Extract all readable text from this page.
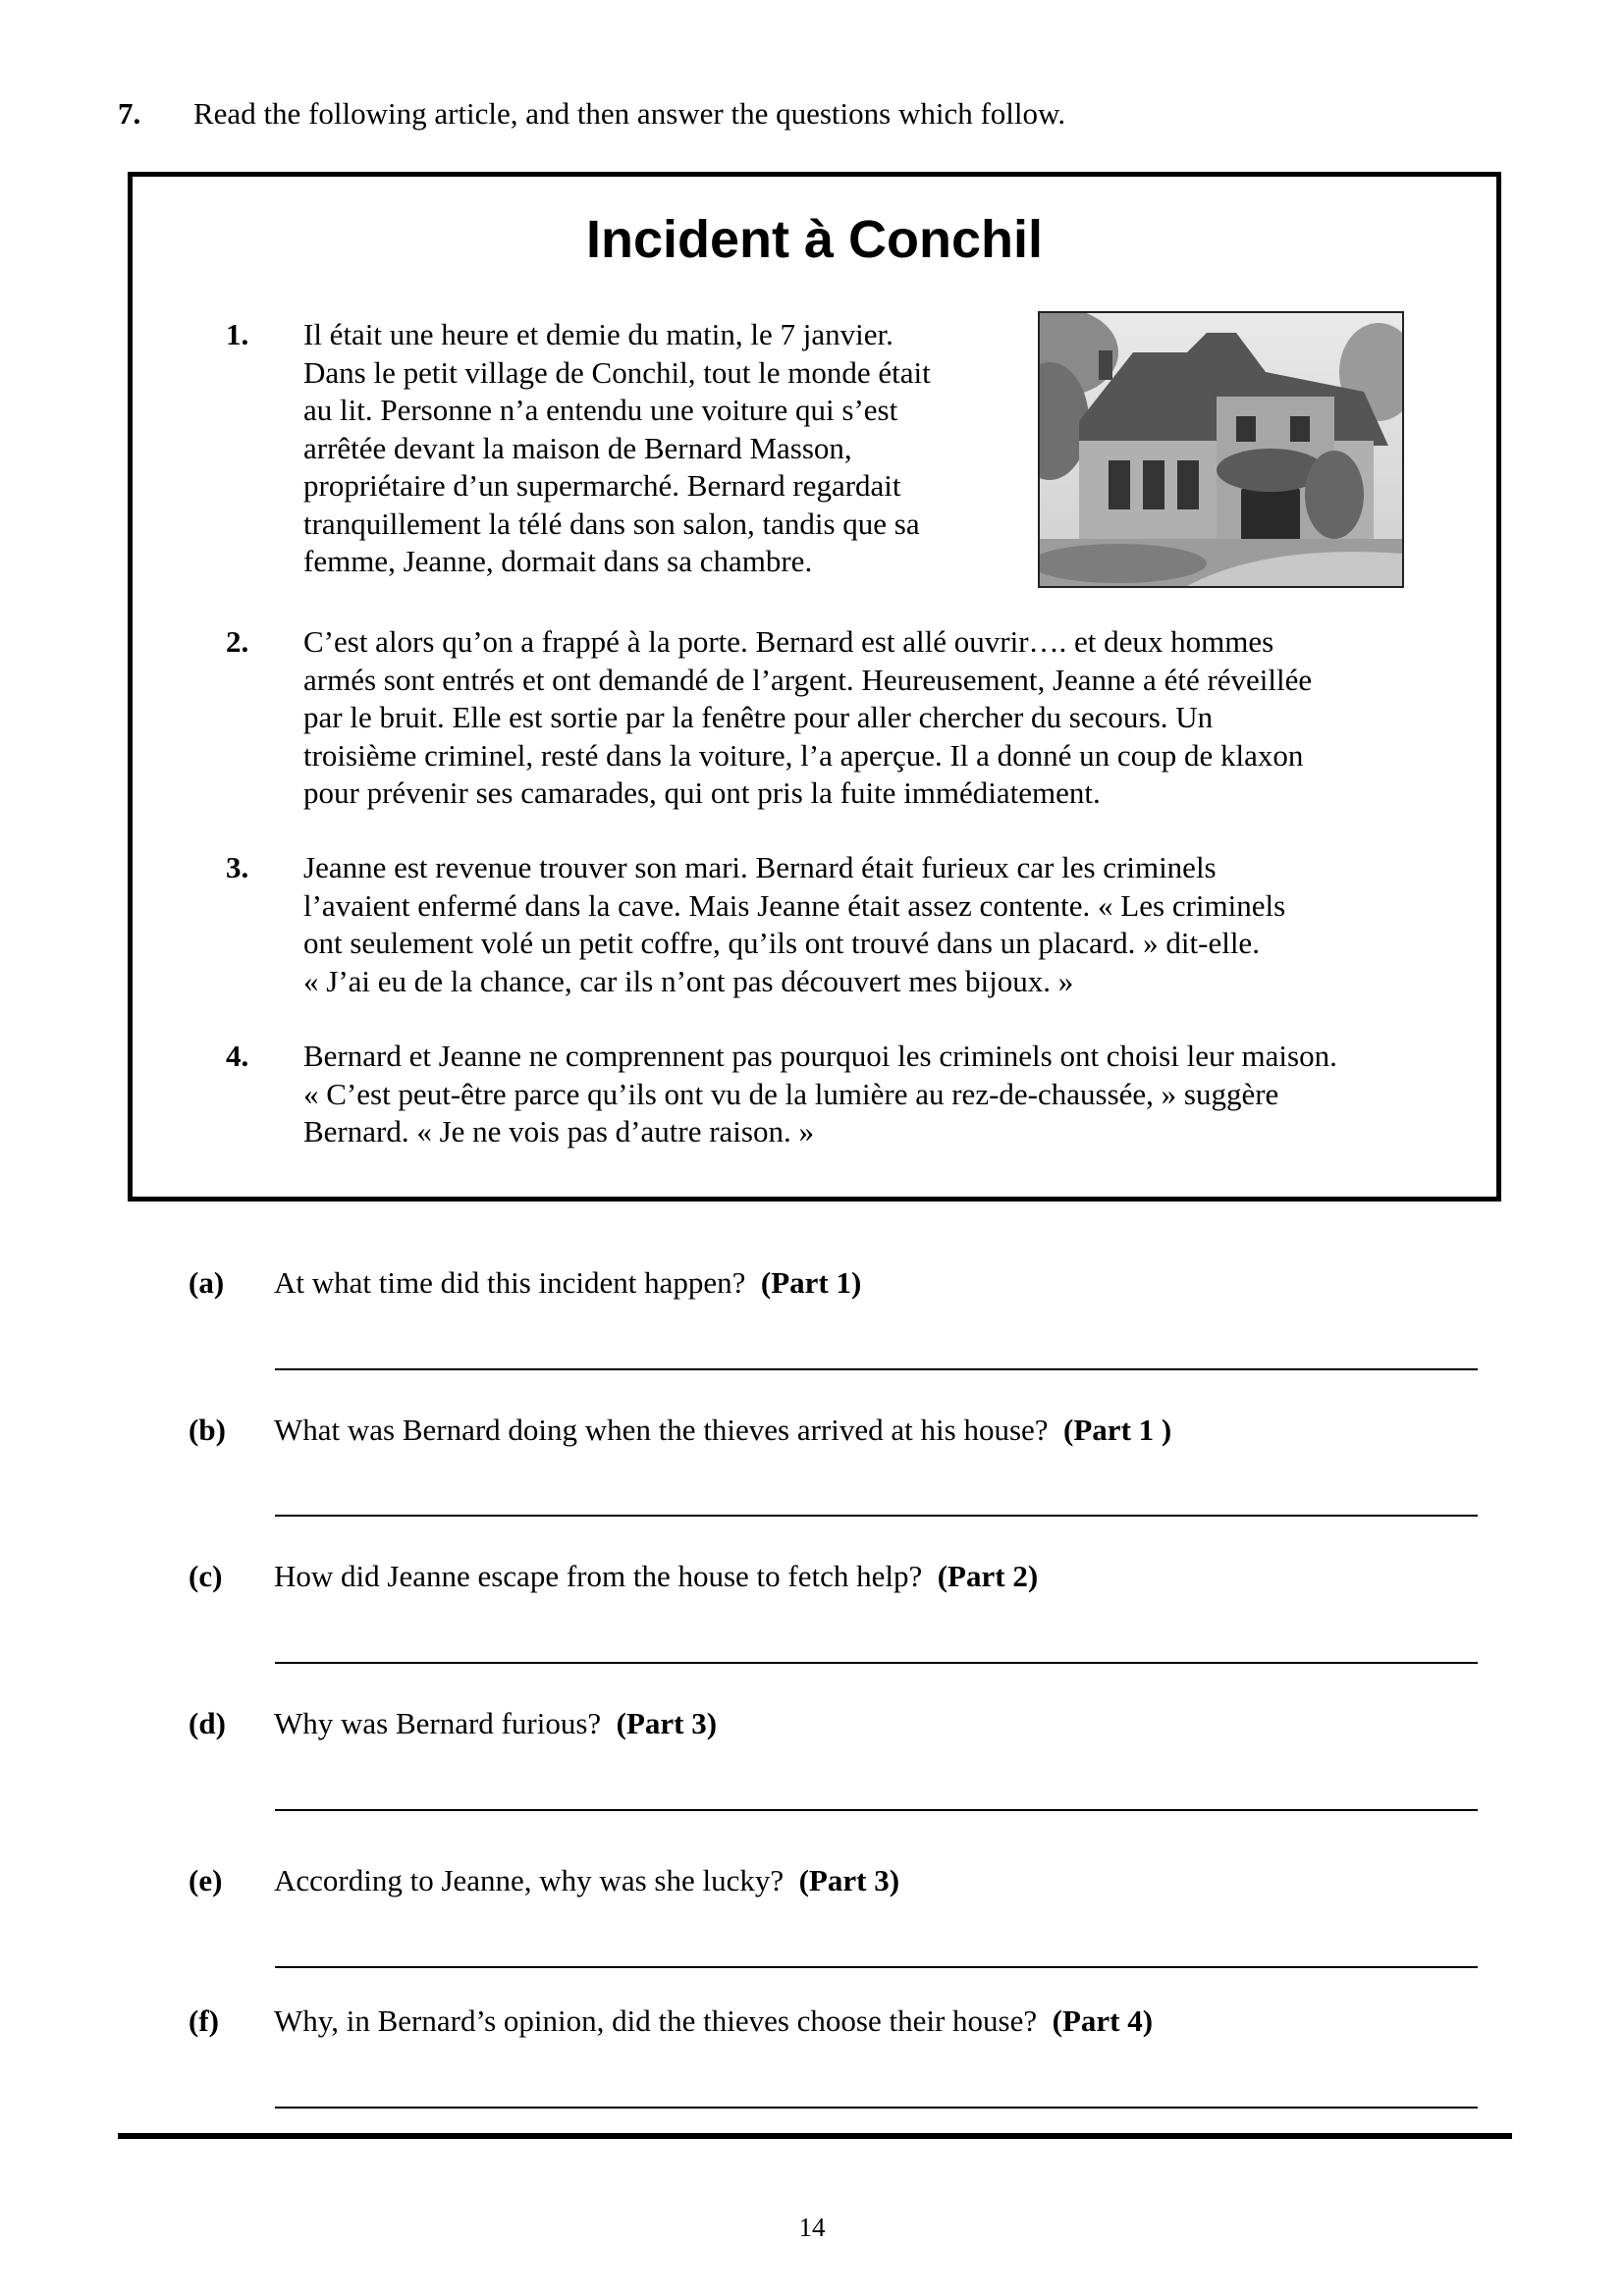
7. Read the following article, and then answer the questions which follow.
Incident à Conchil
1. Il était une heure et demie du matin, le 7 janvier.
Dans le petit village de Conchil, tout le monde était
au lit. Personne n’a entendu une voiture qui s’est
arrêtée devant la maison de Bernard Masson,
propriétaire d’un supermarché. Bernard regardait
tranquillement la télé dans son salon, tandis que sa
femme, Jeanne, dormait dans sa chambre.
2. C’est alors qu’on a frappé à la porte. Bernard est allé ouvrir…. et deux hommes
armés sont entrés et ont demandé de l’argent. Heureusement, Jeanne a été réveillée
par le bruit. Elle est sortie par la fenêtre pour aller chercher du secours. Un
troisième criminel, resté dans la voiture, l’a aperçue. Il a donné un coup de klaxon
pour prévenir ses camarades, qui ont pris la fuite immédiatement.
3. Jeanne est revenue trouver son mari. Bernard était furieux car les criminels
l’avaient enfermé dans la cave. Mais Jeanne était assez contente. « Les criminels
ont seulement volé un petit coffre, qu’ils ont trouvé dans un placard. » dit-elle.
« J’ai eu de la chance, car ils n’ont pas découvert mes bijoux. »
4. Bernard et Jeanne ne comprennent pas pourquoi les criminels ont choisi leur maison.
« C’est peut-être parce qu’ils ont vu de la lumière au rez-de-chaussée, » suggère
Bernard. « Je ne vois pas d’autre raison. »
(a) At what time did this incident happen? (Part 1)
(b) What was Bernard doing when the thieves arrived at his house? (Part 1 )
(c) How did Jeanne escape from the house to fetch help? (Part 2)
(d) Why was Bernard furious? (Part 3)
(e) According to Jeanne, why was she lucky? (Part 3)
(f) Why, in Bernard’s opinion, did the thieves choose their house? (Part 4)
14
